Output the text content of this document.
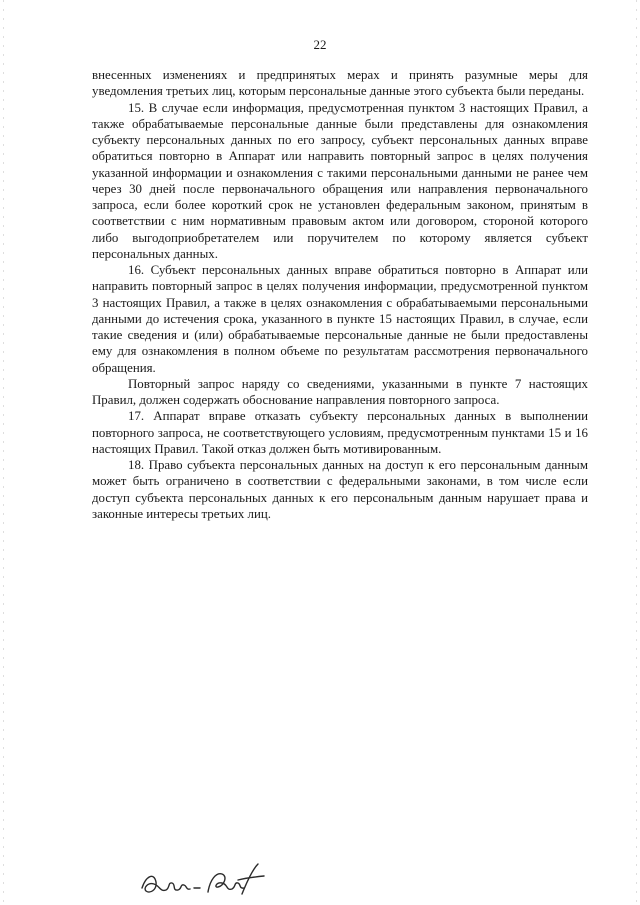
22

внесенных изменениях и предпринятых мерах и принять разумные меры для уведомления третьих лиц, которым персональные данные этого субъекта были переданы.

15. В случае если информация, предусмотренная пунктом 3 настоящих Правил, а также обрабатываемые персональные данные были представлены для ознакомления субъекту персональных данных по его запросу, субъект персональных данных вправе обратиться повторно в Аппарат или направить повторный запрос в целях получения указанной информации и ознакомления с такими персональными данными не ранее чем через 30 дней после первоначального обращения или направления первоначального запроса, если более короткий срок не установлен федеральным законом, принятым в соответствии с ним нормативным правовым актом или договором, стороной которого либо выгодоприобретателем или поручителем по которому является субъект персональных данных.

16. Субъект персональных данных вправе обратиться повторно в Аппарат или направить повторный запрос в целях получения информации, предусмотренной пунктом 3 настоящих Правил, а также в целях ознакомления с обрабатываемыми персональными данными до истечения срока, указанного в пункте 15 настоящих Правил, в случае, если такие сведения и (или) обрабатываемые персональные данные не были предоставлены ему для ознакомления в полном объеме по результатам рассмотрения первоначального обращения.

Повторный запрос наряду со сведениями, указанными в пункте 7 настоящих Правил, должен содержать обоснование направления повторного запроса.

17. Аппарат вправе отказать субъекту персональных данных в выполнении повторного запроса, не соответствующего условиям, предусмотренным пунктами 15 и 16 настоящих Правил. Такой отказ должен быть мотивированным.

18. Право субъекта персональных данных на доступ к его персональным данным может быть ограничено в соответствии с федеральными законами, в том числе если доступ субъекта персональных данных к его персональным данным нарушает права и законные интересы третьих лиц.
